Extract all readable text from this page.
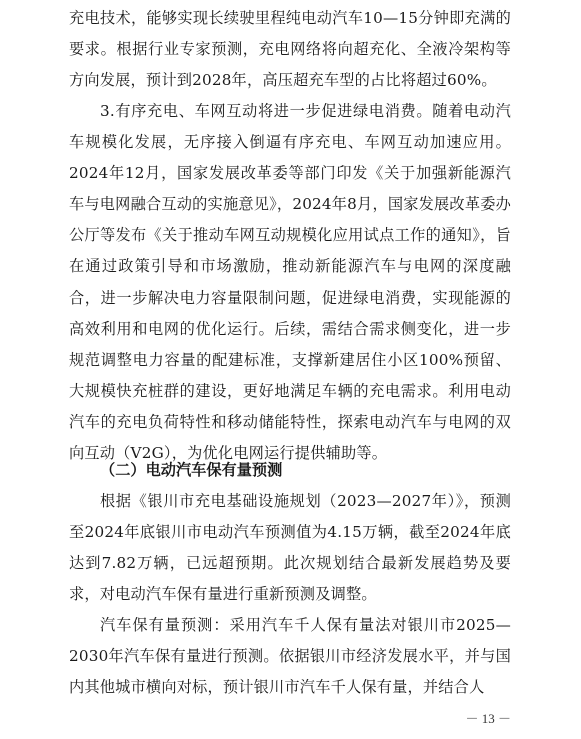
充电技术，能够实现长续驶里程纯电动汽车10—15分钟即充满的要求。根据行业专家预测，充电网络将向超充化、全液冷架构等方向发展，预计到2028年，高压超充车型的占比将超过60%。

3.有序充电、车网互动将进一步促进绿电消费。随着电动汽车规模化发展，无序接入倒逼有序充电、车网互动加速应用。2024年12月，国家发展改革委等部门印发《关于加强新能源汽车与电网融合互动的实施意见》，2024年8月，国家发展改革委办公厅等发布《关于推动车网互动规模化应用试点工作的通知》，旨在通过政策引导和市场激励，推动新能源汽车与电网的深度融合，进一步解决电力容量限制问题，促进绿电消费，实现能源的高效利用和电网的优化运行。后续，需结合需求侧变化，进一步规范调整电力容量的配建标准，支撑新建居住小区100%预留、大规模快充桩群的建设，更好地满足车辆的充电需求。利用电动汽车的充电负荷特性和移动储能特性，探索电动汽车与电网的双向互动（V2G），为优化电网运行提供辅助等。

（二）电动汽车保有量预测

根据《银川市充电基础设施规划（2023—2027年）》，预测至2024年底银川市电动汽车预测值为4.15万辆，截至2024年底达到7.82万辆，已远超预期。此次规划结合最新发展趋势及要求，对电动汽车保有量进行重新预测及调整。

汽车保有量预测：采用汽车千人保有量法对银川市2025—2030年汽车保有量进行预测。依据银川市经济发展水平，并与国内其他城市横向对标，预计银川市汽车千人保有量，并结合人

－ 13 －
